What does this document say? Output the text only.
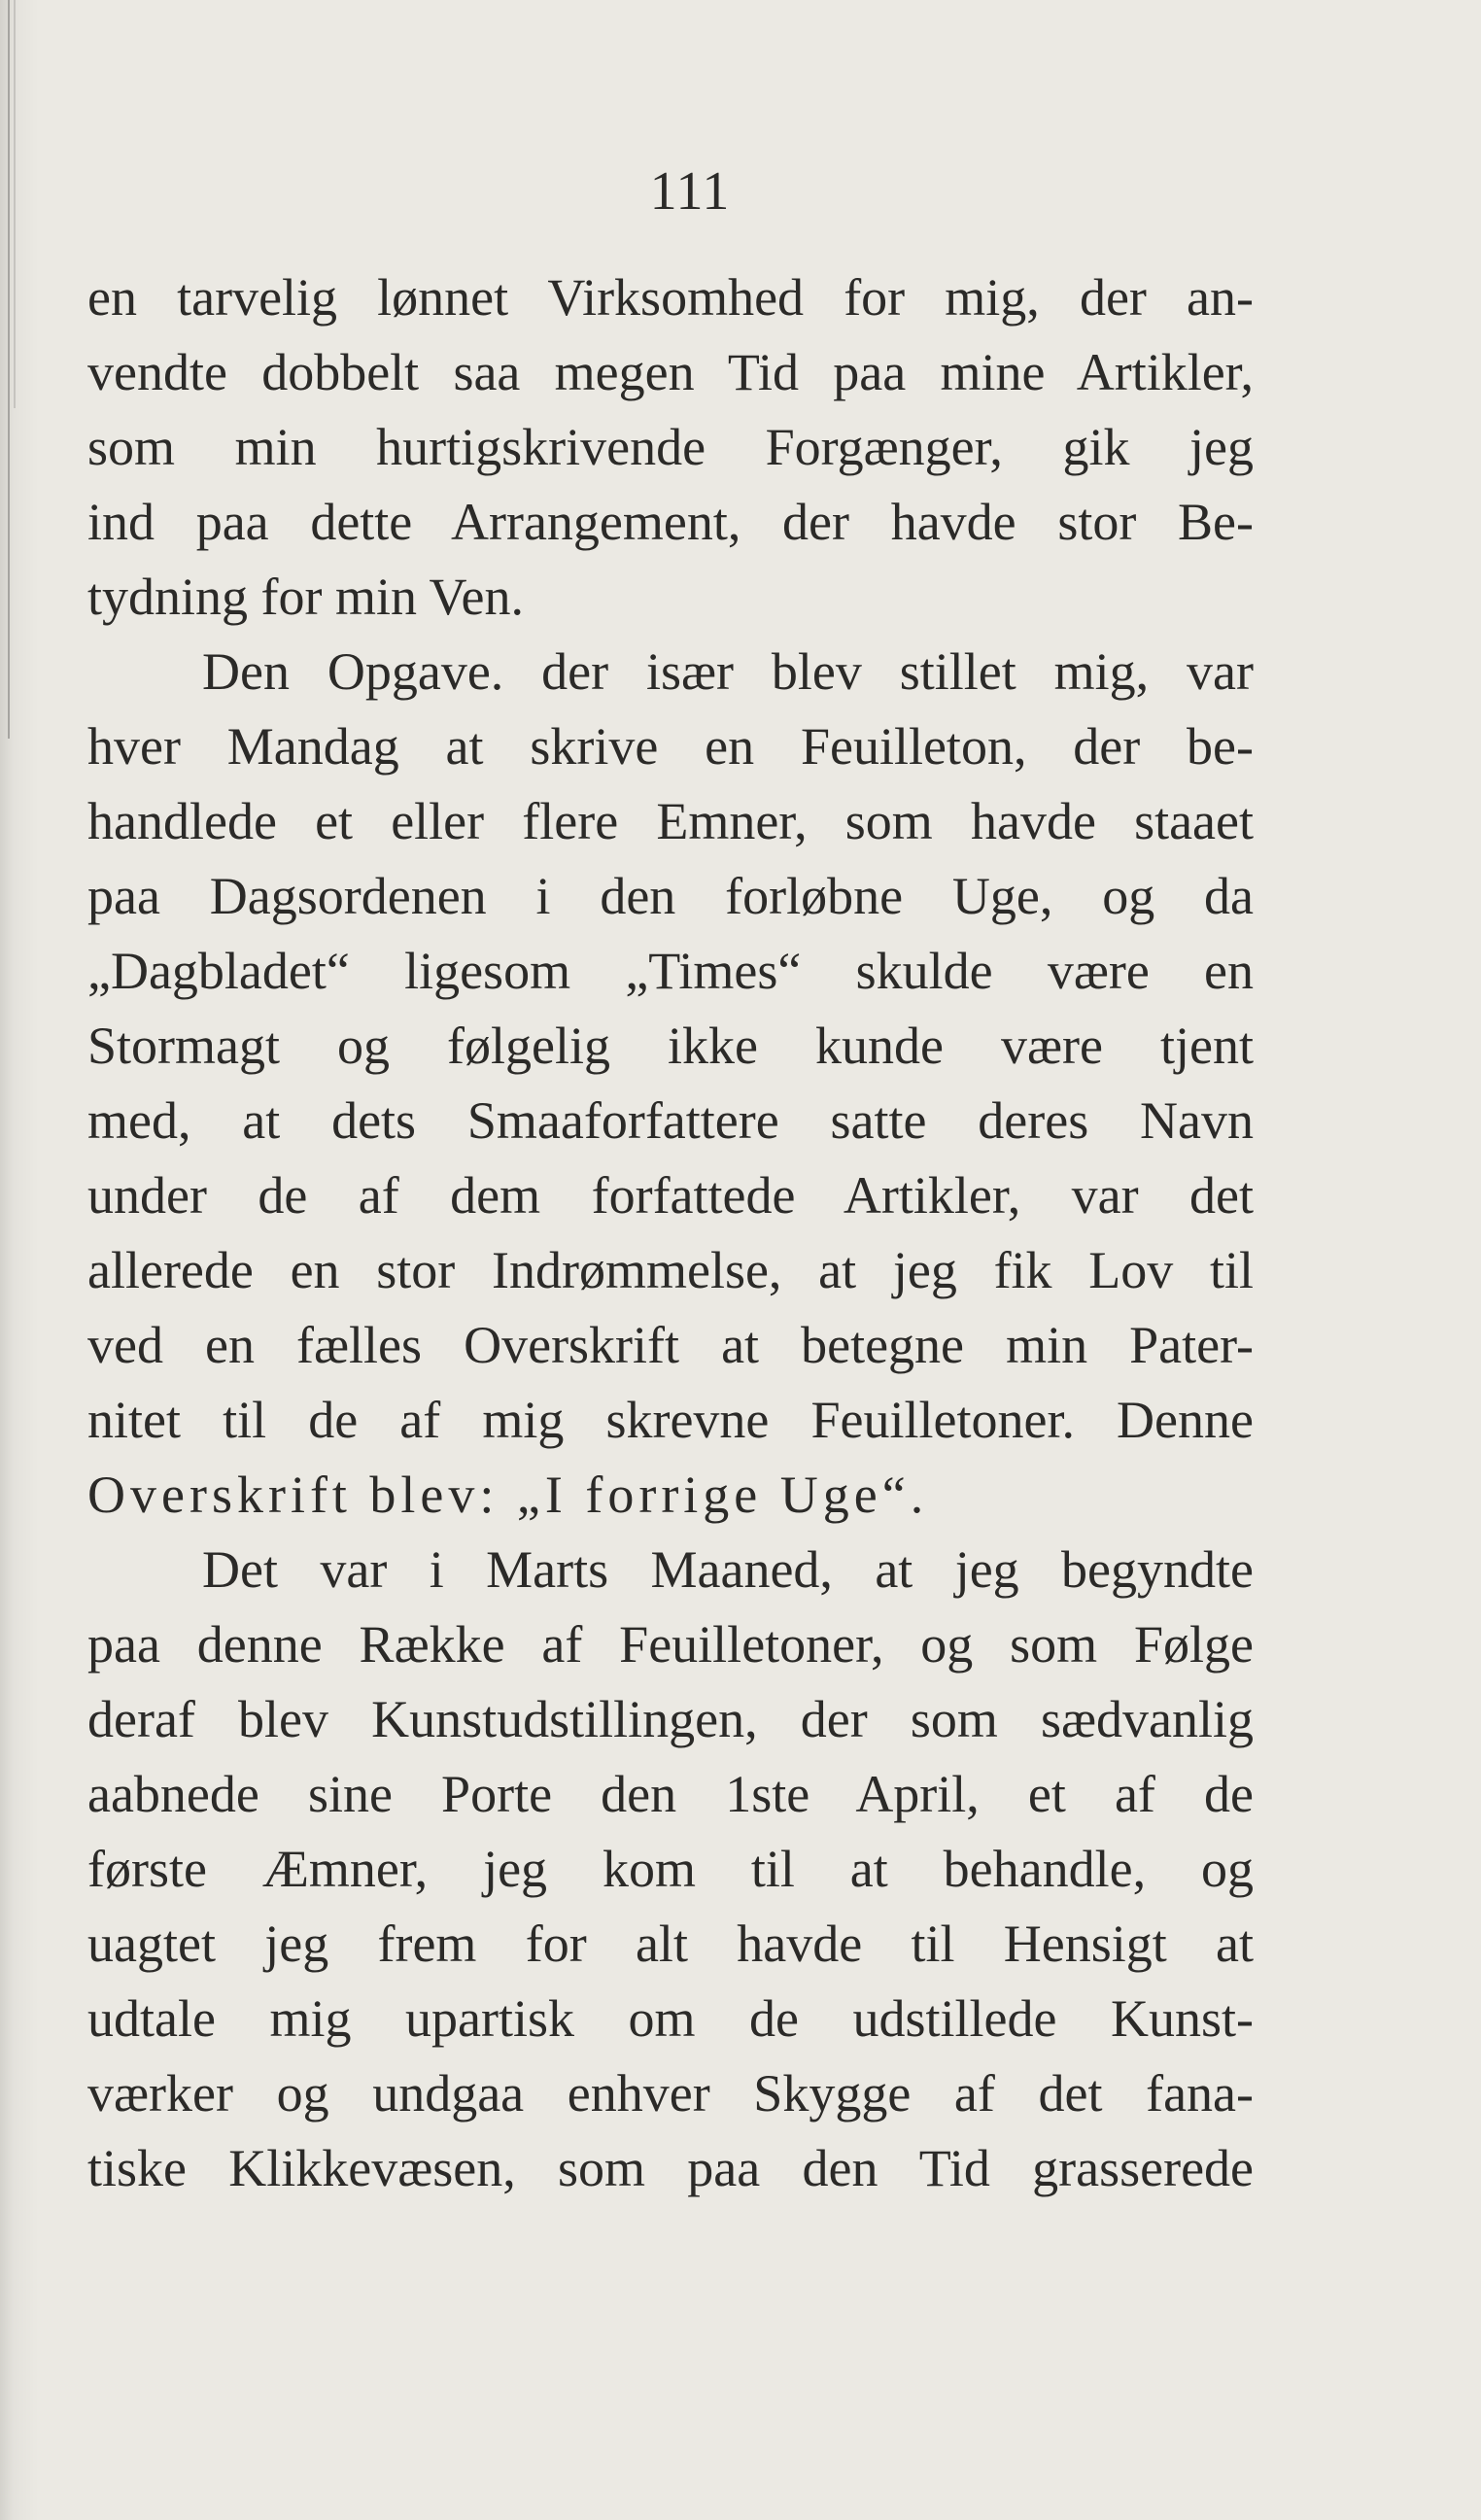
111
en tarvelig lønnet Virksomhed for mig, der an-
vendte dobbelt saa megen Tid paa mine Artikler,
som min hurtigskrivende Forgænger, gik jeg
ind paa dette Arrangement, der havde stor Be-
tydning for min Ven.
Den Opgave. der især blev stillet mig, var
hver Mandag at skrive en Feuilleton, der be-
handlede et eller flere Emner, som havde staaet
paa Dagsordenen i den forløbne Uge, og da
„Dagbladet“ ligesom „Times“ skulde være en
Stormagt og følgelig ikke kunde være tjent
med, at dets Smaaforfattere satte deres Navn
under de af dem forfattede Artikler, var det
allerede en stor Indrømmelse, at jeg fik Lov til
ved en fælles Overskrift at betegne min Pater-
nitet til de af mig skrevne Feuilletoner. Denne
Overskrift blev: „I forrige Uge“.
Det var i Marts Maaned, at jeg begyndte
paa denne Række af Feuilletoner, og som Følge
deraf blev Kunstudstillingen, der som sædvanlig
aabnede sine Porte den 1ste April, et af de
første Æmner, jeg kom til at behandle, og
uagtet jeg frem for alt havde til Hensigt at
udtale mig upartisk om de udstillede Kunst-
værker og undgaa enhver Skygge af det fana-
tiske Klikkevæsen, som paa den Tid grasserede
